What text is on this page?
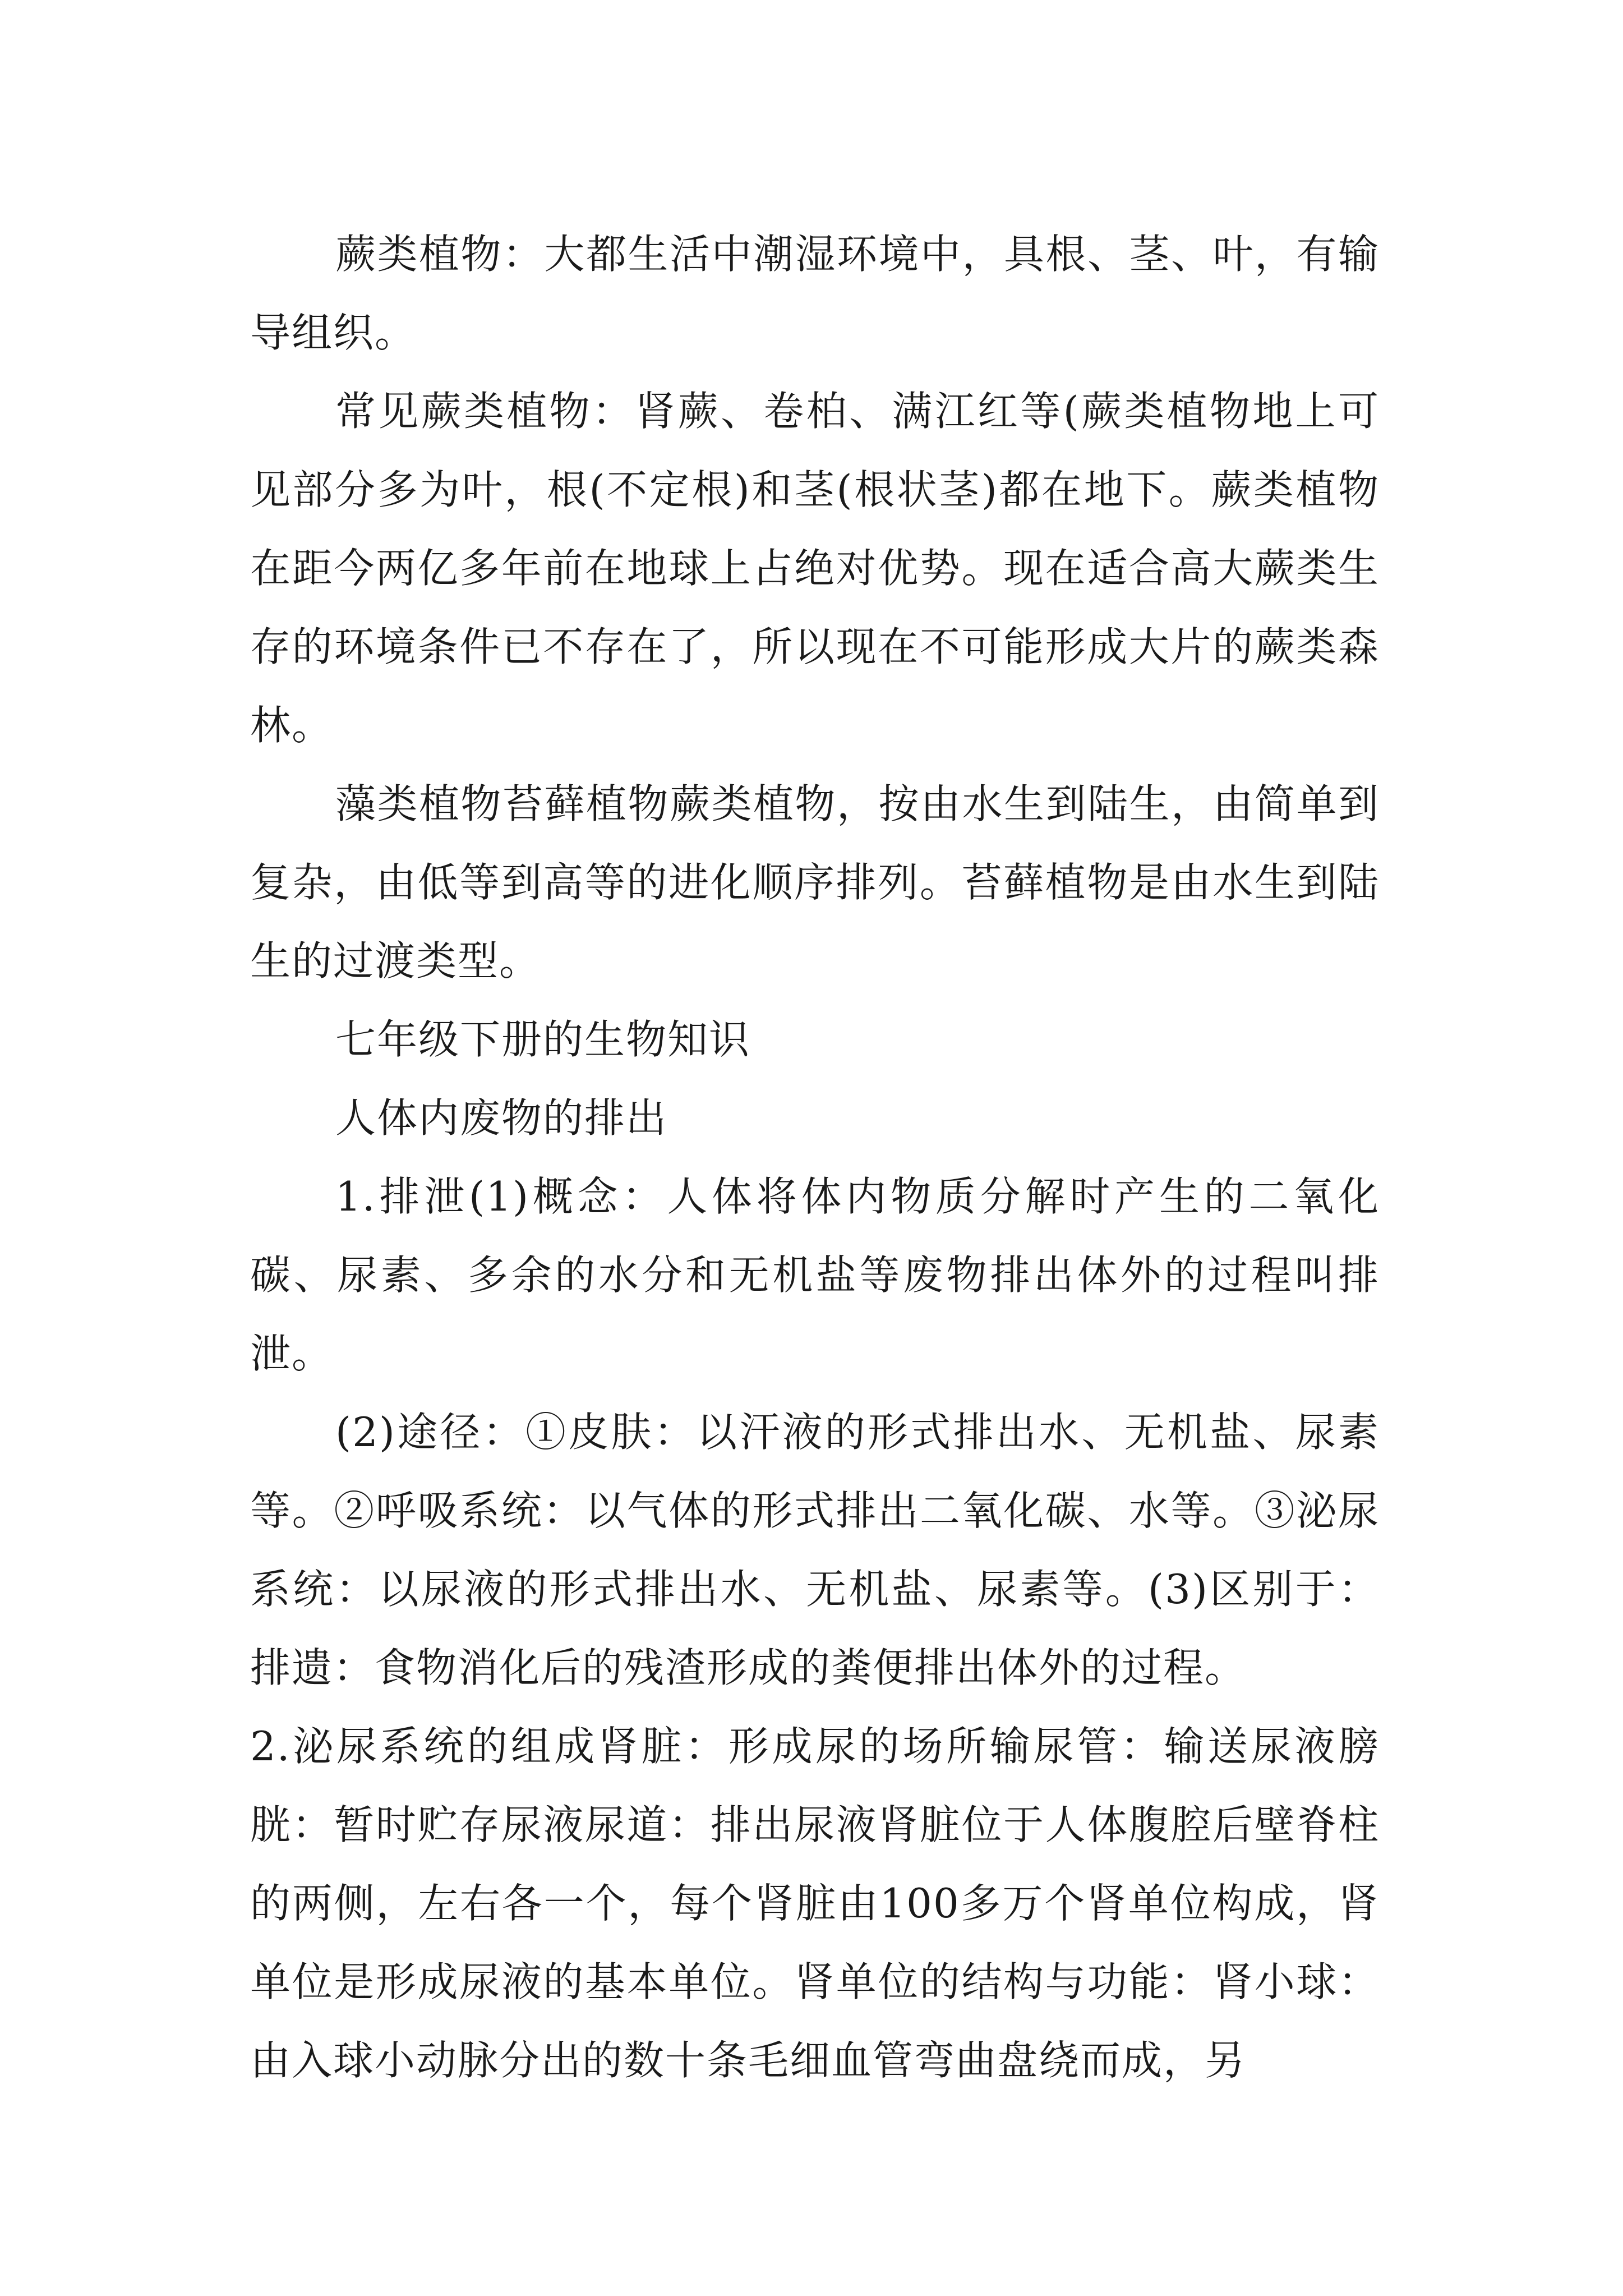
蕨类植物：大都生活中潮湿环境中，具根、茎、叶，有输导组织。

常见蕨类植物：肾蕨、卷柏、满江红等(蕨类植物地上可见部分多为叶，根(不定根)和茎(根状茎)都在地下。蕨类植物在距今两亿多年前在地球上占绝对优势。现在适合高大蕨类生存的环境条件已不存在了，所以现在不可能形成大片的蕨类森林。

藻类植物苔藓植物蕨类植物，按由水生到陆生，由简单到复杂，由低等到高等的进化顺序排列。苔藓植物是由水生到陆生的过渡类型。

七年级下册的生物知识

人体内废物的排出

1.排泄(1)概念：人体将体内物质分解时产生的二氧化碳、尿素、多余的水分和无机盐等废物排出体外的过程叫排泄。

(2)途径：①皮肤：以汗液的形式排出水、无机盐、尿素等。②呼吸系统：以气体的形式排出二氧化碳、水等。③泌尿系统：以尿液的形式排出水、无机盐、尿素等。(3)区别于：排遗：食物消化后的残渣形成的粪便排出体外的过程。

2.泌尿系统的组成肾脏：形成尿的场所输尿管：输送尿液膀胱：暂时贮存尿液尿道：排出尿液肾脏位于人体腹腔后壁脊柱的两侧，左右各一个，每个肾脏由100多万个肾单位构成，肾单位是形成尿液的基本单位。肾单位的结构与功能：肾小球：由入球小动脉分出的数十条毛细血管弯曲盘绕而成，另
